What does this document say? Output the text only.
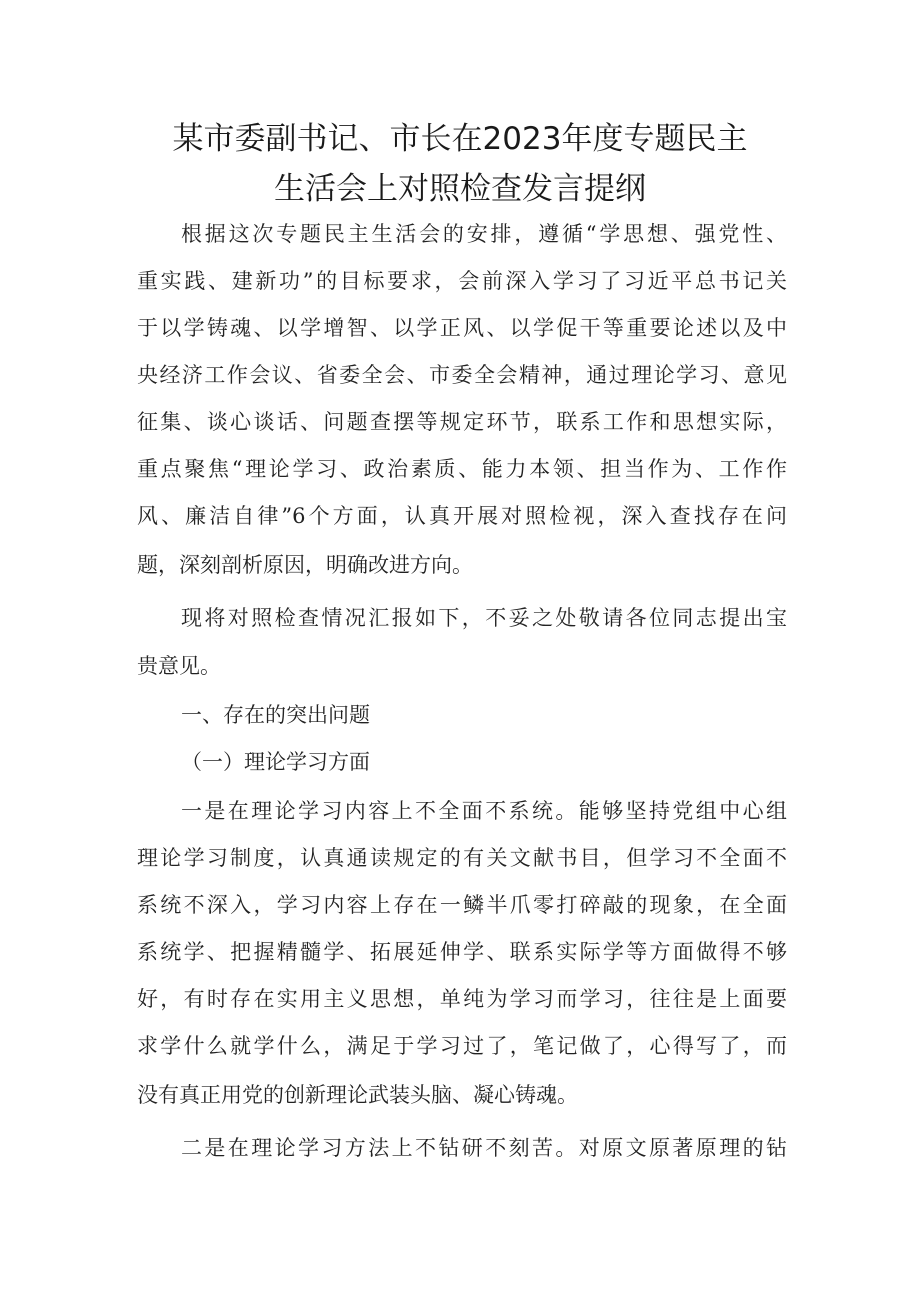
某市委副书记、市长在2023年度专题民主
生活会上对照检查发言提纲
根据这次专题民主生活会的安排，遵循“学思想、强党性、
重实践、建新功”的目标要求，会前深入学习了习近平总书记关
于以学铸魂、以学增智、以学正风、以学促干等重要论述以及中
央经济工作会议、省委全会、市委全会精神，通过理论学习、意见
征集、谈心谈话、问题查摆等规定环节，联系工作和思想实际，
重点聚焦“理论学习、政治素质、能力本领、担当作为、工作作
风、廉洁自律”6个方面，认真开展对照检视，深入查找存在问
题，深刻剖析原因，明确改进方向。
现将对照检查情况汇报如下，不妥之处敬请各位同志提出宝
贵意见。
一、存在的突出问题
（一）理论学习方面
一是在理论学习内容上不全面不系统。能够坚持党组中心组
理论学习制度，认真通读规定的有关文献书目，但学习不全面不
系统不深入，学习内容上存在一鳞半爪零打碎敲的现象，在全面
系统学、把握精髓学、拓展延伸学、联系实际学等方面做得不够
好，有时存在实用主义思想，单纯为学习而学习，往往是上面要
求学什么就学什么，满足于学习过了，笔记做了，心得写了，而
没有真正用党的创新理论武装头脑、凝心铸魂。
二是在理论学习方法上不钻研不刻苦。对原文原著原理的钻
